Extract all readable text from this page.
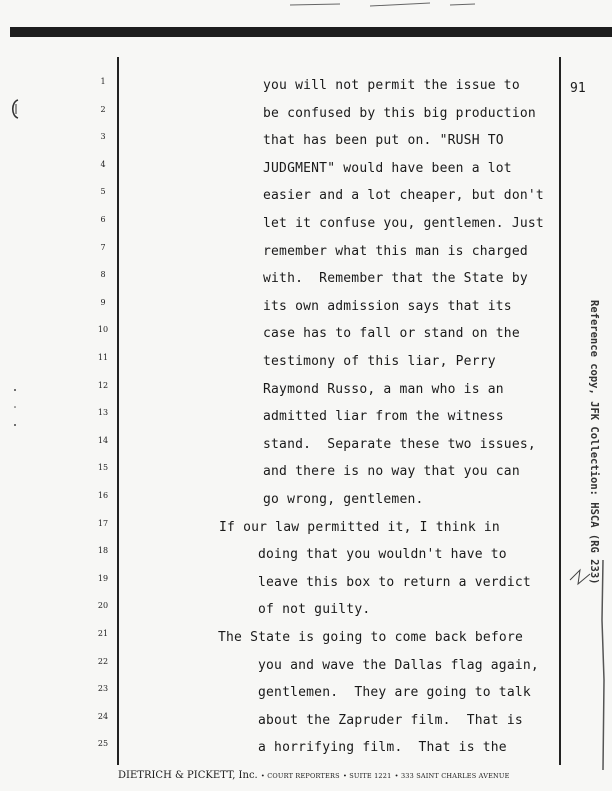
1
2
3
4
5
6
7
8
9
10
11
12
13
14
15
16
17
18
19
20
21
22
23
24
25
you will not permit the issue to
be confused by this big production
that has been put on. "RUSH TO
JUDGMENT" would have been a lot
easier and a lot cheaper, but don't
let it confuse you, gentlemen. Just
remember what this man is charged
with.  Remember that the State by
its own admission says that its
case has to fall or stand on the
testimony of this liar, Perry
Raymond Russo, a man who is an
admitted liar from the witness
stand.  Separate these two issues,
and there is no way that you can
go wrong, gentlemen.
If our law permitted it, I think in
doing that you wouldn't have to
leave this box to return a verdict
of not guilty.
The State is going to come back before
you and wave the Dallas flag again,
gentlemen.  They are going to talk
about the Zapruder film.  That is
a horrifying film.  That is the
91
Reference copy, JFK Collection: HSCA (RG 233)
DIETRICH & PICKETT, Inc. • COURT REPORTERS • SUITE 1221 • 333 SAINT CHARLES AVENUE
